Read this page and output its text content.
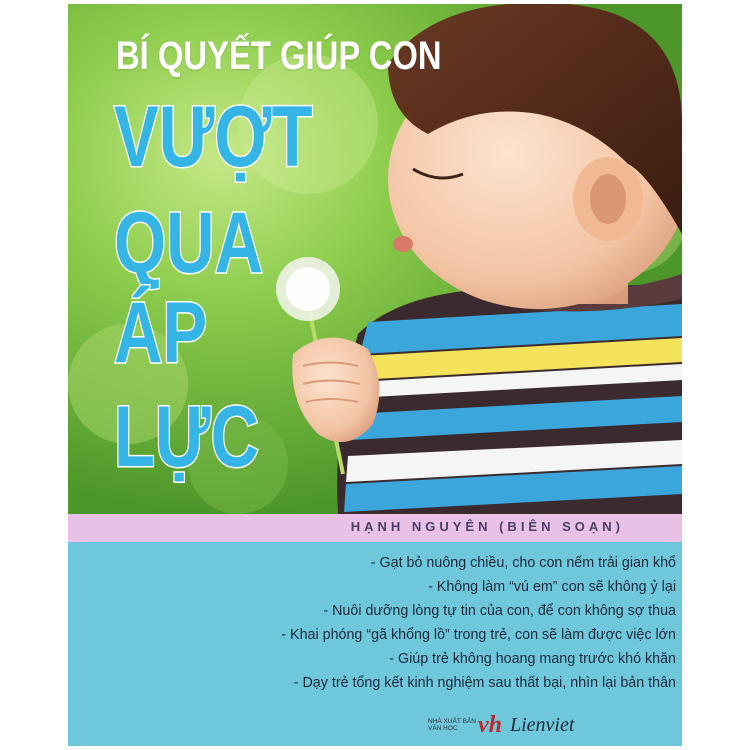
BÍ QUYẾT GIÚP CON
VƯỢT
QUA
ÁP
LỰC
HẠNH NGUYÊN (BIÊN SOẠN)
- Gạt bỏ nuông chiều, cho con nếm trải gian khổ
- Không làm “vú em” con sẽ không ỷ lại
- Nuôi dưỡng lòng tự tin của con, để con không sợ thua
- Khai phóng “gã khổng lồ” trong trẻ, con sẽ làm được việc lớn
- Giúp trẻ không hoang mang trước khó khăn
- Dạy trẻ tổng kết kinh nghiệm sau thất bại, nhìn lại bản thân
NHÀ XUẤT BẢN VĂN HỌC vh Lienviet
